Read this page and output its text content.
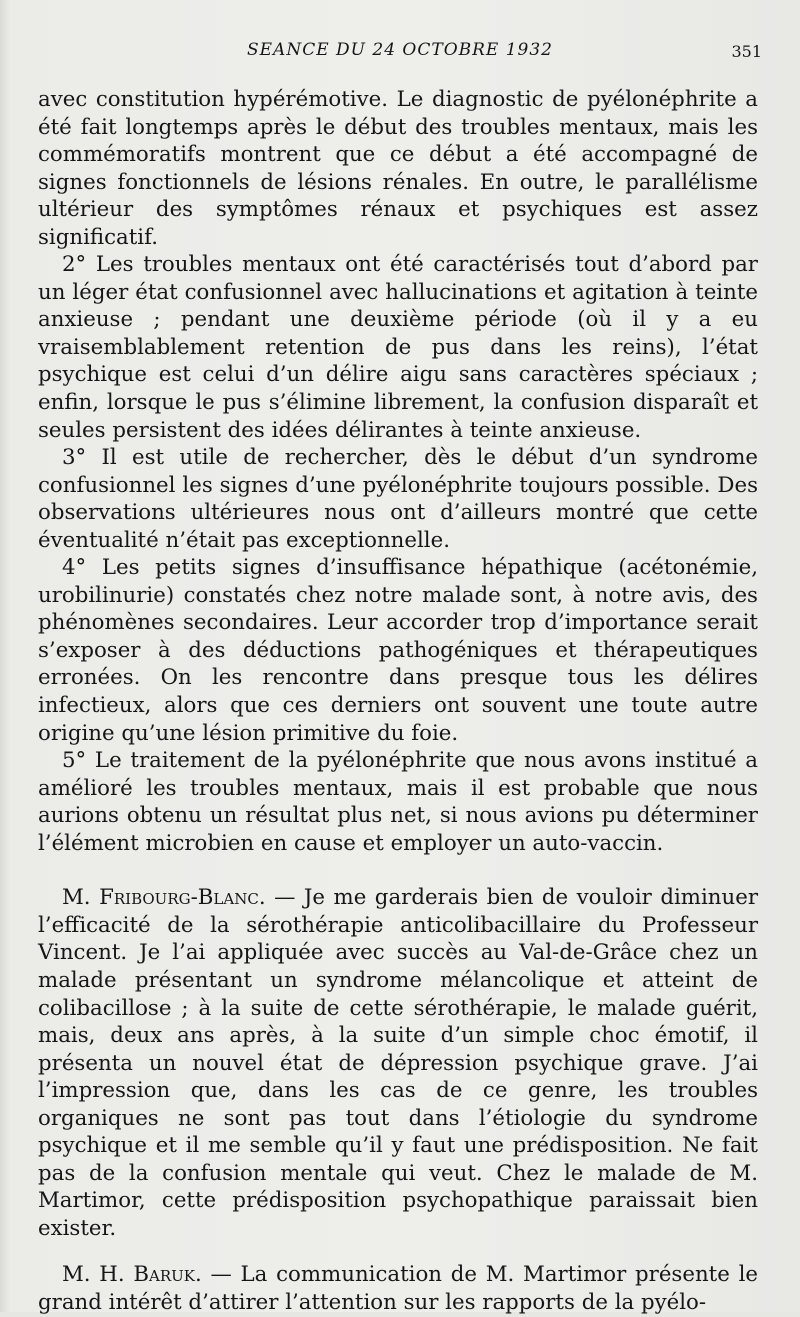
SEANCE DU 24 OCTOBRE 1932	351

avec constitution hypérémotive. Le diagnostic de pyélonéphrite a été fait longtemps après le début des troubles mentaux, mais les commémoratifs montrent que ce début a été accompagné de signes fonctionnels de lésions rénales. En outre, le parallélisme ultérieur des symptômes rénaux et psychiques est assez significatif.

2° Les troubles mentaux ont été caractérisés tout d’abord par un léger état confusionnel avec hallucinations et agitation à teinte anxieuse ; pendant une deuxième période (où il y a eu vraisemblablement retention de pus dans les reins), l’état psychique est celui d’un délire aigu sans caractères spéciaux ; enfin, lorsque le pus s’élimine librement, la confusion disparaît et seules persistent des idées délirantes à teinte anxieuse.

3° Il est utile de rechercher, dès le début d’un syndrome confusionnel les signes d’une pyélonéphrite toujours possible. Des observations ultérieures nous ont d’ailleurs montré que cette éventualité n’était pas exceptionnelle.

4° Les petits signes d’insuffisance hépathique (acétonémie, urobilinurie) constatés chez notre malade sont, à notre avis, des phénomènes secondaires. Leur accorder trop d’importance serait s’exposer à des déductions pathogéniques et thérapeutiques erronées. On les rencontre dans presque tous les délires infectieux, alors que ces derniers ont souvent une toute autre origine qu’une lésion primitive du foie.

5° Le traitement de la pyélonéphrite que nous avons institué a amélioré les troubles mentaux, mais il est probable que nous aurions obtenu un résultat plus net, si nous avions pu déterminer l’élément microbien en cause et employer un auto-vaccin.

M. Fribourg-Blanc. — Je me garderais bien de vouloir diminuer l’efficacité de la sérothérapie anticolibacillaire du Professeur Vincent. Je l’ai appliquée avec succès au Val-de-Grâce chez un malade présentant un syndrome mélancolique et atteint de colibacillose ; à la suite de cette sérothérapie, le malade guérit, mais, deux ans après, à la suite d’un simple choc émotif, il présenta un nouvel état de dépression psychique grave. J’ai l’impression que, dans les cas de ce genre, les troubles organiques ne sont pas tout dans l’étiologie du syndrome psychique et il me semble qu’il y faut une prédisposition. Ne fait pas de la confusion mentale qui veut. Chez le malade de M. Martimor, cette prédisposition psychopathique paraissait bien exister.

M. H. Baruk. — La communication de M. Martimor présente le grand intérêt d’attirer l’attention sur les rapports de la pyélo-
